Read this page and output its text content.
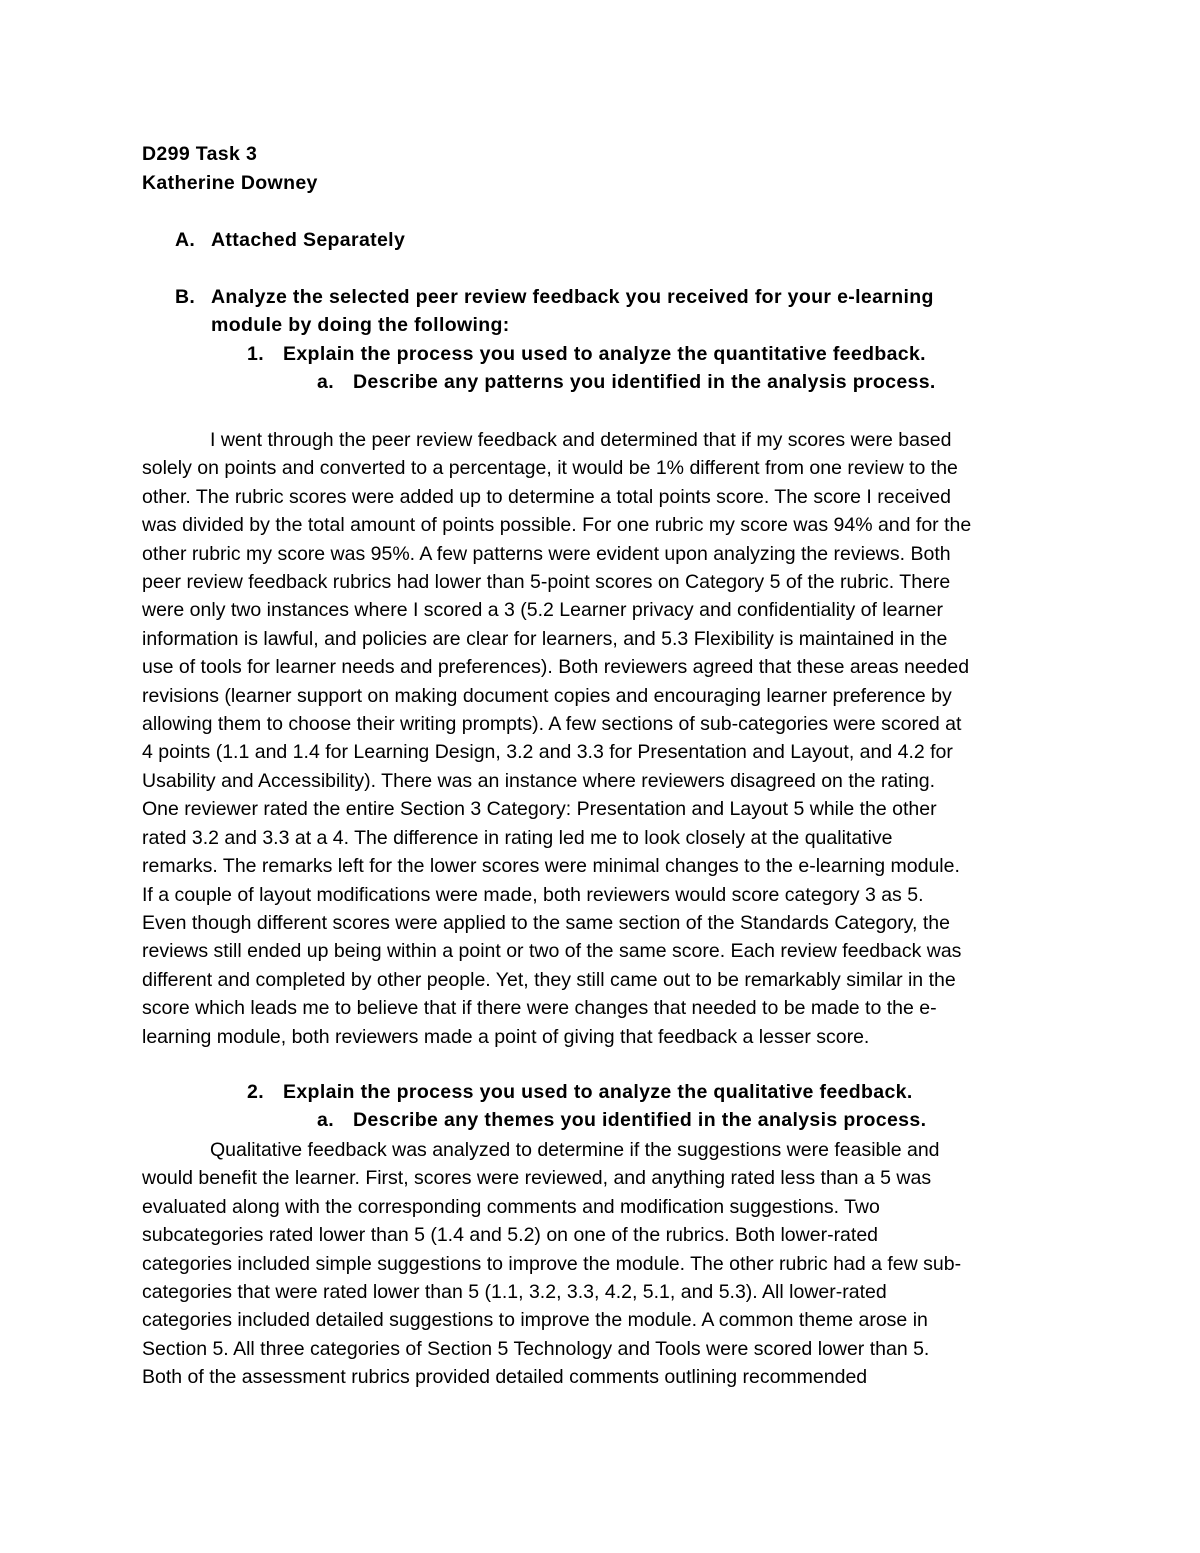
D299 Task 3
Katherine Downey
A. Attached Separately
B. Analyze the selected peer review feedback you received for your e-learning
module by doing the following:
1. Explain the process you used to analyze the quantitative feedback.
a. Describe any patterns you identified in the analysis process.
I went through the peer review feedback and determined that if my scores were based
solely on points and converted to a percentage, it would be 1% different from one review to the
other. The rubric scores were added up to determine a total points score. The score I received
was divided by the total amount of points possible. For one rubric my score was 94% and for the
other rubric my score was 95%. A few patterns were evident upon analyzing the reviews. Both
peer review feedback rubrics had lower than 5-point scores on Category 5 of the rubric. There
were only two instances where I scored a 3 (5.2 Learner privacy and confidentiality of learner
information is lawful, and policies are clear for learners, and 5.3 Flexibility is maintained in the
use of tools for learner needs and preferences). Both reviewers agreed that these areas needed
revisions (learner support on making document copies and encouraging learner preference by
allowing them to choose their writing prompts). A few sections of sub-categories were scored at
4 points (1.1 and 1.4 for Learning Design, 3.2 and 3.3 for Presentation and Layout, and 4.2 for
Usability and Accessibility). There was an instance where reviewers disagreed on the rating.
One reviewer rated the entire Section 3 Category: Presentation and Layout 5 while the other
rated 3.2 and 3.3 at a 4. The difference in rating led me to look closely at the qualitative
remarks. The remarks left for the lower scores were minimal changes to the e-learning module.
If a couple of layout modifications were made, both reviewers would score category 3 as 5.
Even though different scores were applied to the same section of the Standards Category, the
reviews still ended up being within a point or two of the same score. Each review feedback was
different and completed by other people. Yet, they still came out to be remarkably similar in the
score which leads me to believe that if there were changes that needed to be made to the e-
learning module, both reviewers made a point of giving that feedback a lesser score.
2. Explain the process you used to analyze the qualitative feedback.
a. Describe any themes you identified in the analysis process.
Qualitative feedback was analyzed to determine if the suggestions were feasible and
would benefit the learner. First, scores were reviewed, and anything rated less than a 5 was
evaluated along with the corresponding comments and modification suggestions. Two
subcategories rated lower than 5 (1.4 and 5.2) on one of the rubrics. Both lower-rated
categories included simple suggestions to improve the module. The other rubric had a few sub-
categories that were rated lower than 5 (1.1, 3.2, 3.3, 4.2, 5.1, and 5.3). All lower-rated
categories included detailed suggestions to improve the module. A common theme arose in
Section 5. All three categories of Section 5 Technology and Tools were scored lower than 5.
Both of the assessment rubrics provided detailed comments outlining recommended
